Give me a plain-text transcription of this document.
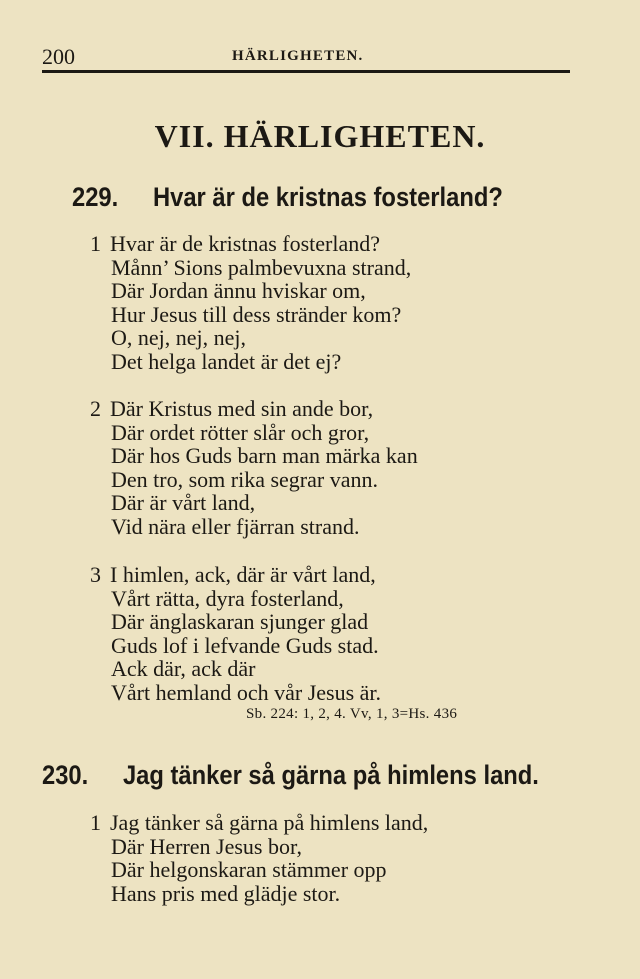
200	HÄRLIGHETEN.
VII. HÄRLIGHETEN.
229. Hvar är de kristnas fosterland?
1 Hvar är de kristnas fosterland?
Månn’ Sions palmbevuxna strand,
Där Jordan ännu hviskar om,
Hur Jesus till dess stränder kom?
O, nej, nej, nej,
Det helga landet är det ej?
2 Där Kristus med sin ande bor,
Där ordet rötter slår och gror,
Där hos Guds barn man märka kan
Den tro, som rika segrar vann.
Där är vårt land,
Vid nära eller fjärran strand.
3 I himlen, ack, där är vårt land,
Vårt rätta, dyra fosterland,
Där änglaskaran sjunger glad
Guds lof i lefvande Guds stad.
Ack där, ack där
Vårt hemland och vår Jesus är.
Sb. 224: 1, 2, 4. Vv, 1, 3=Hs. 436
230. Jag tänker så gärna på himlens land.
1 Jag tänker så gärna på himlens land,
Där Herren Jesus bor,
Där helgonskaran stämmer opp
Hans pris med glädje stor.
